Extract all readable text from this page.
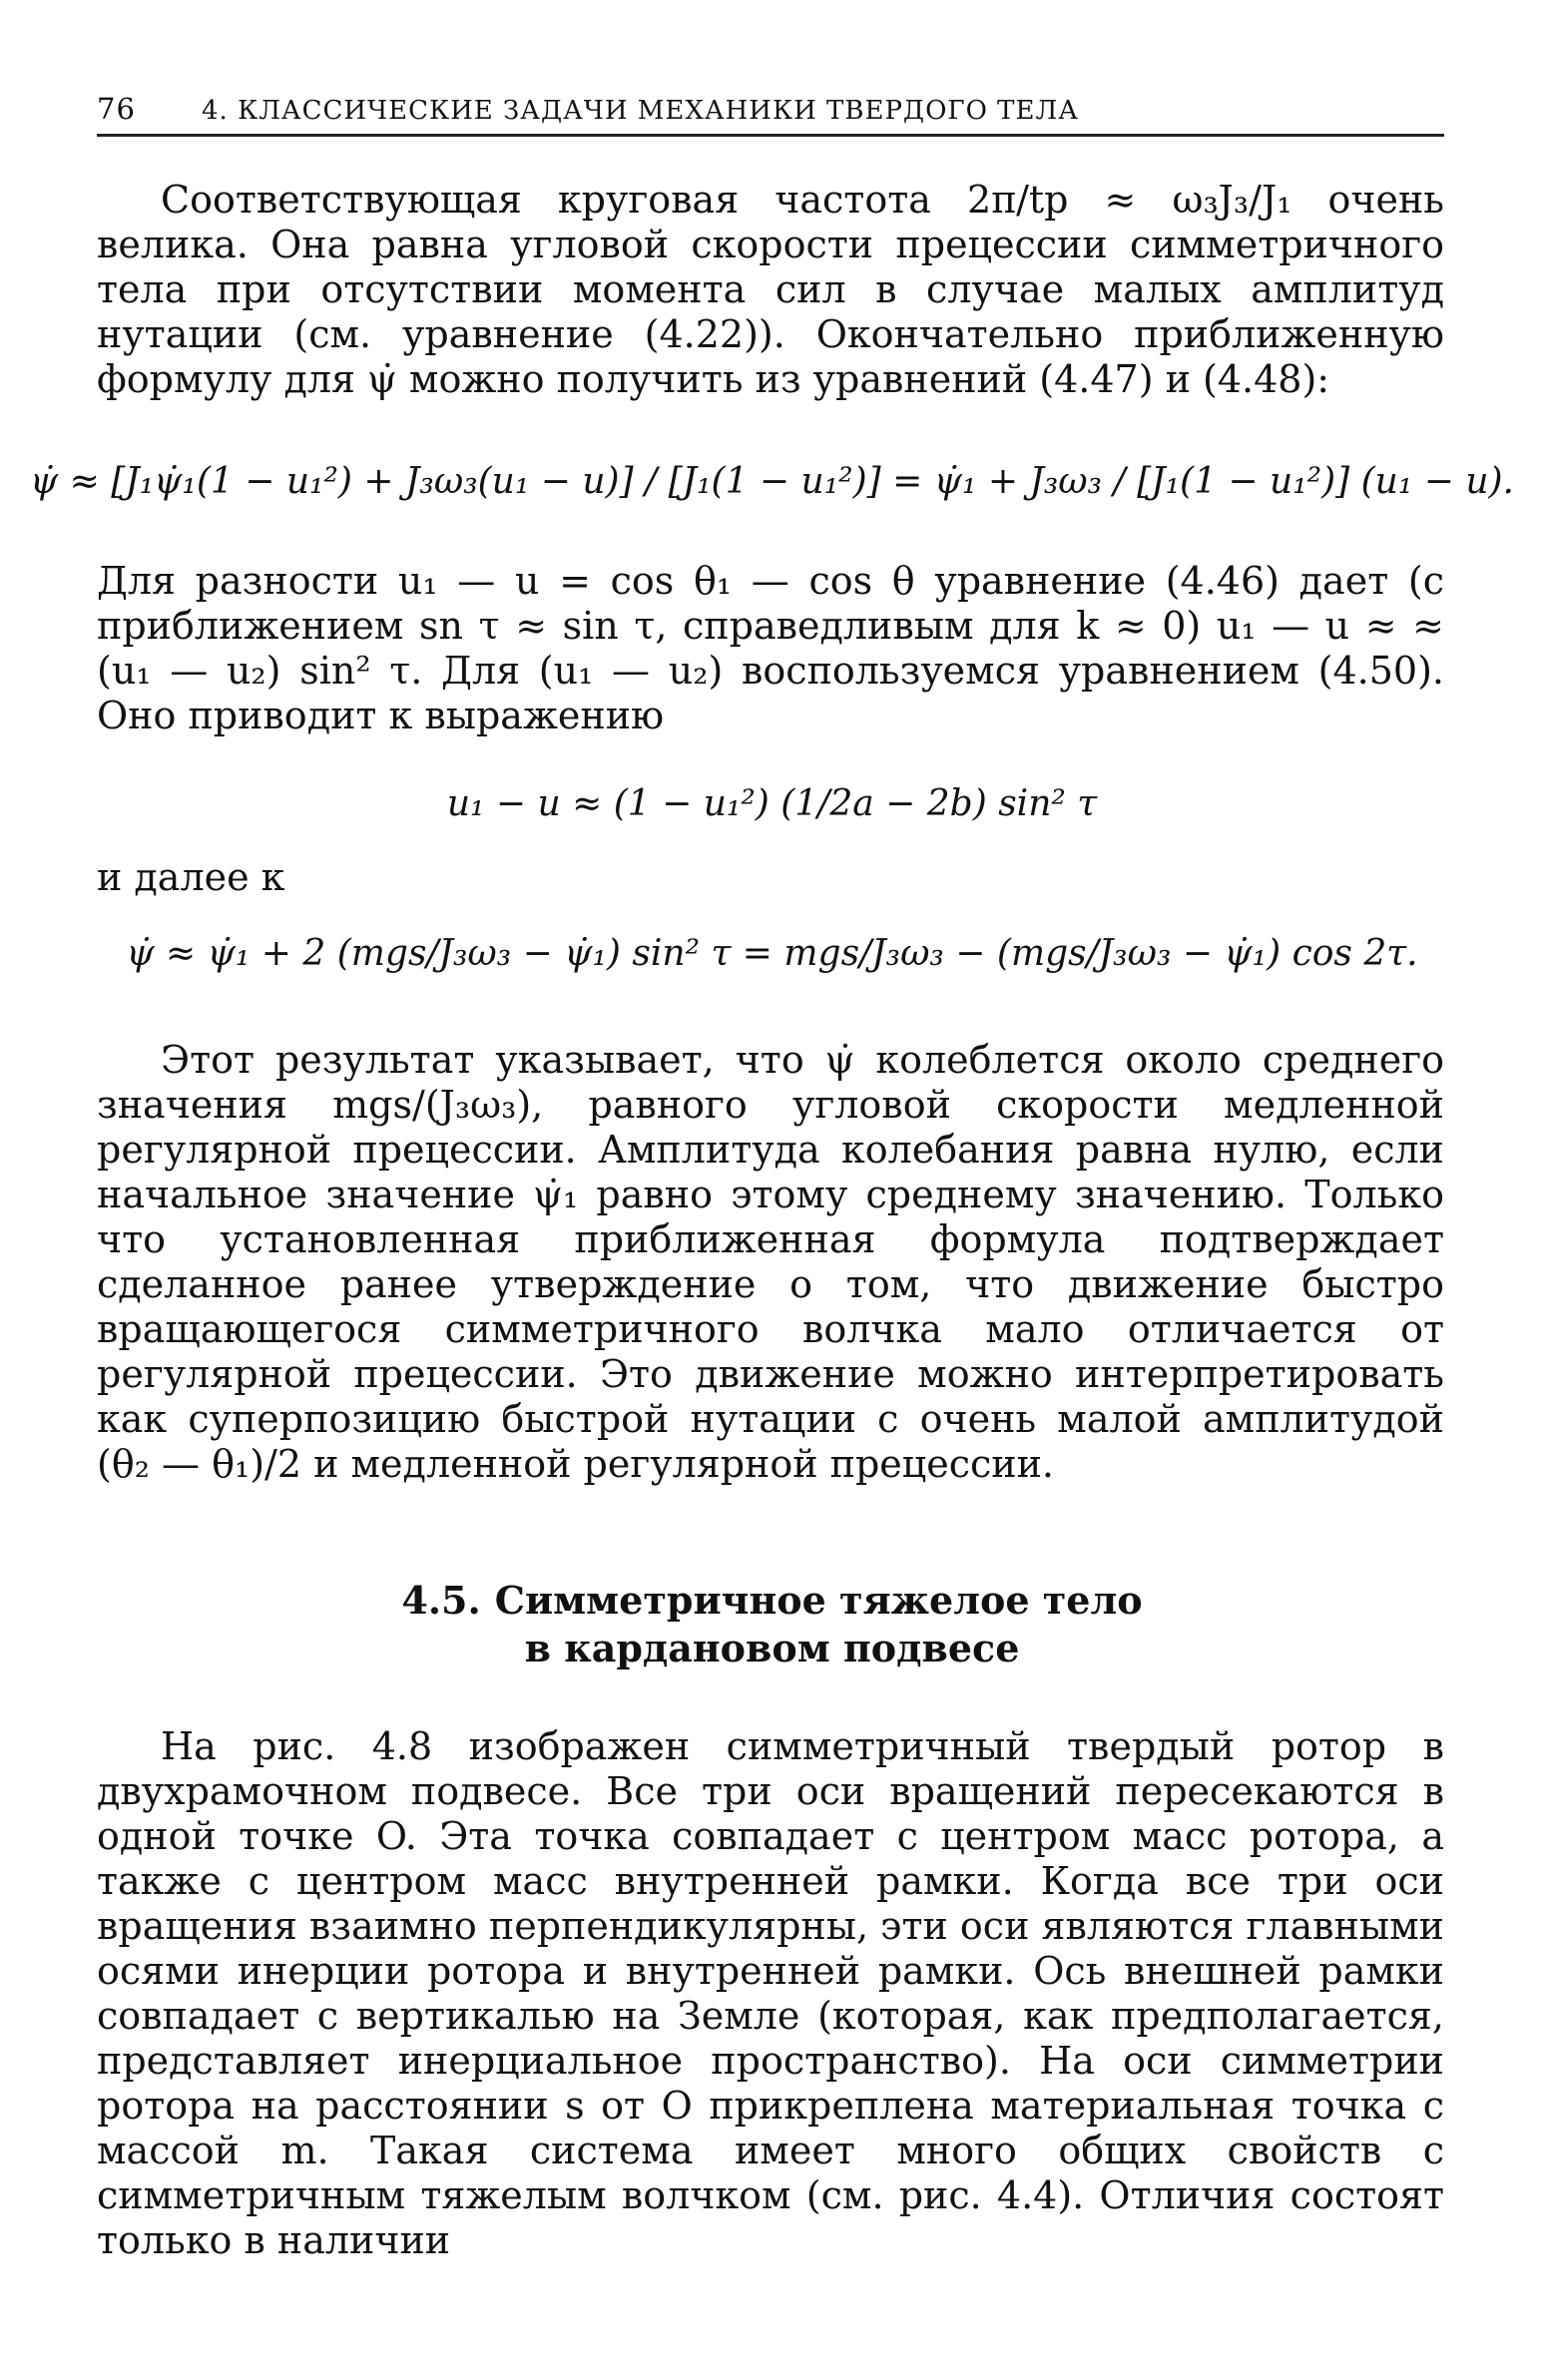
76	4. КЛАССИЧЕСКИЕ ЗАДАЧИ МЕХАНИКИ ТВЕРДОГО ТЕЛА
Соответствующая круговая частота 2π/tp ≈ ω₃J₃/J₁ очень велика. Она равна угловой скорости прецессии симметричного тела при отсутствии момента сил в случае малых амплитуд нутации (см. уравнение (4.22)). Окончательно приближенную формулу для ψ̇ можно получить из уравнений (4.47) и (4.48):
ψ̇ ≈ [J₁ψ̇₁(1 − u₁²) + J₃ω₃(u₁ − u)] / [J₁(1 − u₁²)] = ψ̇₁ + J₃ω₃ / [J₁(1 − u₁²)] (u₁ − u).
Для разности u₁ — u = cos θ₁ — cos θ уравнение (4.46) дает (с приближением sn τ ≈ sin τ, справедливым для k ≈ 0) u₁ — u ≈ ≈ (u₁ — u₂) sin² τ. Для (u₁ — u₂) воспользуемся уравнением (4.50). Оно приводит к выражению
u₁ − u ≈ (1 − u₁²) (1/2a − 2b) sin² τ
и далее к
ψ̇ ≈ ψ̇₁ + 2 (mgs/J₃ω₃ − ψ̇₁) sin² τ = mgs/J₃ω₃ − (mgs/J₃ω₃ − ψ̇₁) cos 2τ.
Этот результат указывает, что ψ̇ колеблется около среднего значения mgs/(J₃ω₃), равного угловой скорости медленной регулярной прецессии. Амплитуда колебания равна нулю, если начальное значение ψ̇₁ равно этому среднему значению. Только что установленная приближенная формула подтверждает сделанное ранее утверждение о том, что движение быстро вращающегося симметричного волчка мало отличается от регулярной прецессии. Это движение можно интерпретировать как суперпозицию быстрой нутации с очень малой амплитудой (θ₂ — θ₁)/2 и медленной регулярной прецессии.
4.5. Симметричное тяжелое тело
в кардановом подвесе
На рис. 4.8 изображен симметричный твердый ротор в двухрамочном подвесе. Все три оси вращений пересекаются в одной точке O. Эта точка совпадает с центром масс ротора, а также с центром масс внутренней рамки. Когда все три оси вращения взаимно перпендикулярны, эти оси являются главными осями инерции ротора и внутренней рамки. Ось внешней рамки совпадает с вертикалью на Земле (которая, как предполагается, представляет инерциальное пространство). На оси симметрии ротора на расстоянии s от O прикреплена материальная точка с массой m. Такая система имеет много общих свойств с симметричным тяжелым волчком (см. рис. 4.4). Отличия состоят только в наличии
